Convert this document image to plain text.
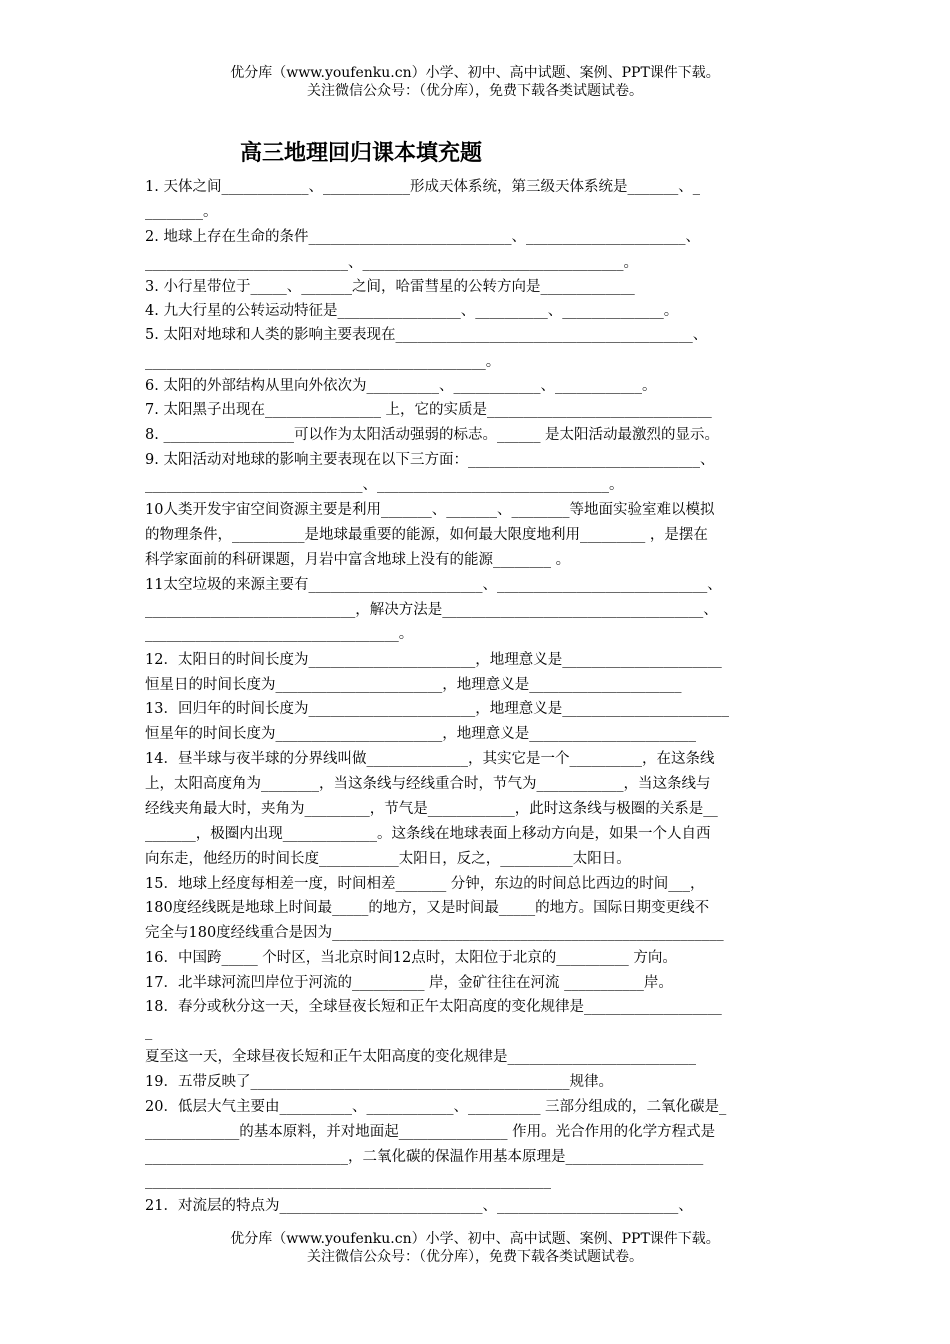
优分库（www.youfenku.cn）小学、初中、高中试题、案例、PPT课件下载。
关注微信公众号：（优分库），免费下载各类试题试卷。
高三地理回归课本填充题
1. 天体之间____________、____________形成天体系统，第三级天体系统是_______、_
________。
2. 地球上存在生命的条件____________________________、______________________、
____________________________、____________________________________。
3. 小行星带位于_____、_______之间，哈雷彗星的公转方向是_____________
4. 九大行星的公转运动特征是_________________、__________、______________。
5. 太阳对地球和人类的影响主要表现在_________________________________________、
_______________________________________________。
6. 太阳的外部结构从里向外依次为__________、____________、____________。
7. 太阳黑子出现在________________ 上，它的实质是_______________________________
8. __________________可以作为太阳活动强弱的标志。______ 是太阳活动最激烈的显示。
9. 太阳活动对地球的影响主要表现在以下三方面：________________________________、
______________________________、________________________________。
10人类开发宇宙空间资源主要是利用_______、_______、________等地面实验室难以模拟
的物理条件，__________是地球最重要的能源，如何最大限度地利用_________ ，是摆在
科学家面前的科研课题，月岩中富含地球上没有的能源________ 。
11太空垃圾的来源主要有________________________、_____________________________、
_____________________________，解决方法是____________________________________、
___________________________________。
12．太阳日的时间长度为_______________________，地理意义是______________________
恒星日的时间长度为_______________________，地理意义是_____________________
13．回归年的时间长度为_______________________，地理意义是_______________________
恒星年的时间长度为_______________________，地理意义是_______________________
14．昼半球与夜半球的分界线叫做______________，其实它是一个__________，在这条线
上，太阳高度角为________，当这条线与经线重合时，节气为____________，当这条线与
经线夹角最大时，夹角为_________，节气是____________，此时这条线与极圈的关系是__
_______，极圈内出现_____________。这条线在地球表面上移动方向是，如果一个人自西
向东走，他经历的时间长度___________太阳日，反之，__________太阳日。
15．地球上经度每相差一度，时间相差_______ 分钟，东边的时间总比西边的时间___，
180度经线既是地球上时间最_____的地方，又是时间最_____的地方。国际日期变更线不
完全与180度经线重合是因为______________________________________________________
16．中国跨_____ 个时区，当北京时间12点时，太阳位于北京的__________ 方向。
17．北半球河流凹岸位于河流的__________ 岸，金矿往往在河流 ___________岸。
18．春分或秋分这一天，全球昼夜长短和正午太阳高度的变化规律是___________________
_
夏至这一天，全球昼夜长短和正午太阳高度的变化规律是__________________________
19．五带反映了____________________________________________规律。
20．低层大气主要由__________、____________、__________ 三部分组成的，二氧化碳是_
_____________的基本原料，并对地面起_______________ 作用。光合作用的化学方程式是
____________________________，二氧化碳的保温作用基本原理是___________________
________________________________________________________
21．对流层的特点为____________________________、_________________________、
优分库（www.youfenku.cn）小学、初中、高中试题、案例、PPT课件下载。
关注微信公众号：（优分库），免费下载各类试题试卷。
